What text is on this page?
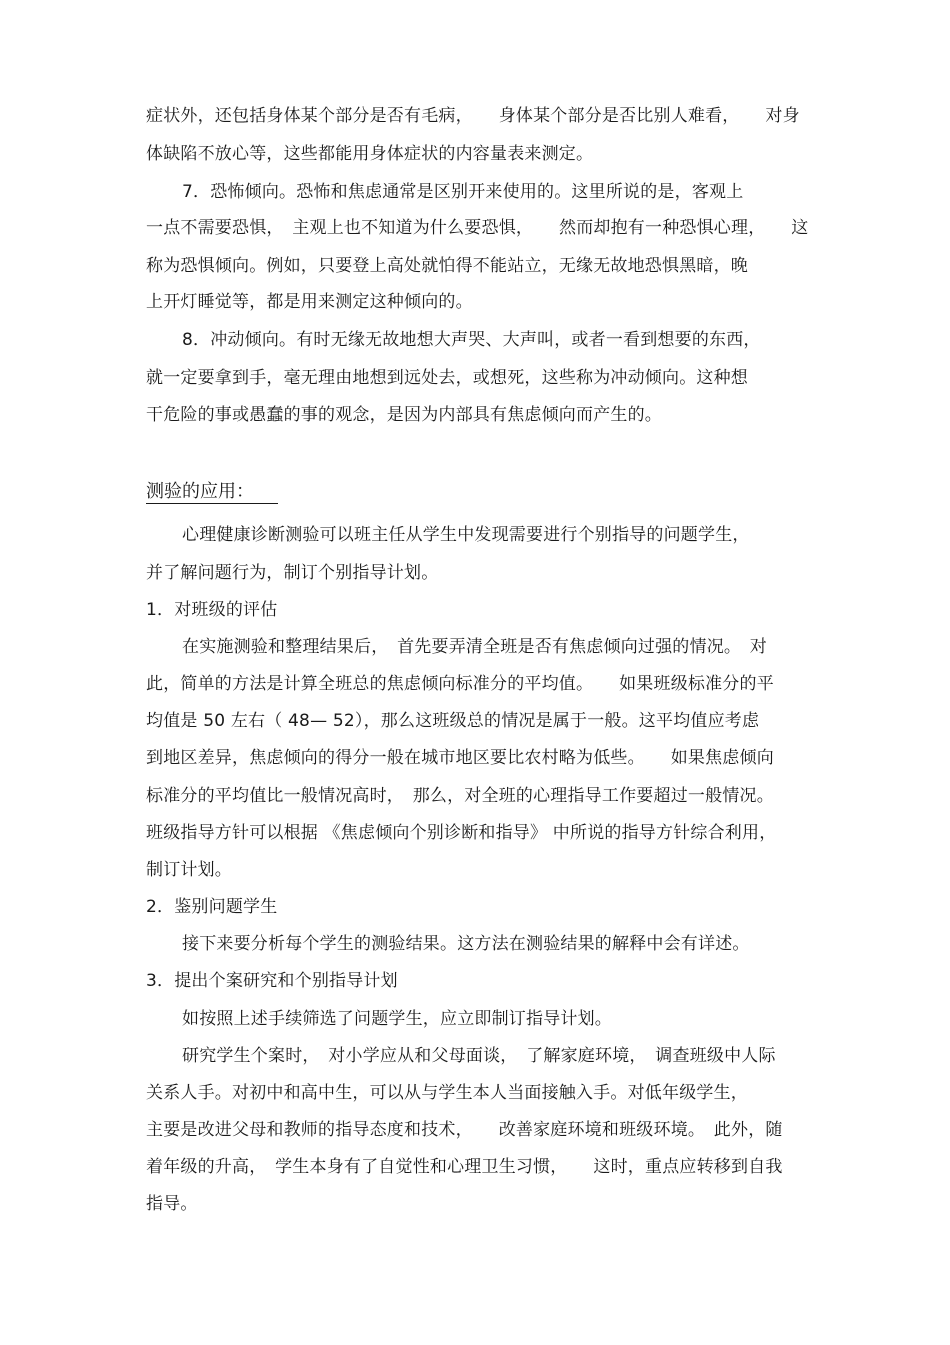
症状外，还包括身体某个部分是否有毛病，　　身体某个部分是否比别人难看，　　对身
体缺陷不放心等，这些都能用身体症状的内容量表来测定。
7．恐怖倾向。恐怖和焦虑通常是区别开来使用的。这里所说的是，客观上
一点不需要恐惧，　主观上也不知道为什么要恐惧，　　然而却抱有一种恐惧心理，　　这
称为恐惧倾向。例如，只要登上高处就怕得不能站立，无缘无故地恐惧黑暗，晚
上开灯睡觉等，都是用来测定这种倾向的。
8．冲动倾向。有时无缘无故地想大声哭、大声叫，或者一看到想要的东西，
就一定要拿到手，毫无理由地想到远处去，或想死，这些称为冲动倾向。这种想
干危险的事或愚蠢的事的观念，是因为内部具有焦虑倾向而产生的。
测验的应用：
心理健康诊断测验可以班主任从学生中发现需要进行个别指导的问题学生，
并了解问题行为，制订个别指导计划。
1．对班级的评估
在实施测验和整理结果后，　首先要弄清全班是否有焦虑倾向过强的情况。　对
此，简单的方法是计算全班总的焦虑倾向标准分的平均值。　　如果班级标准分的平
均值是 50 左右（ 48— 52），那么这班级总的情况是属于一般。这平均值应考虑
到地区差异，焦虑倾向的得分一般在城市地区要比农村略为低些。　　如果焦虑倾向
标准分的平均值比一般情况高时，　那么，对全班的心理指导工作要超过一般情况。
班级指导方针可以根据 《焦虑倾向个别诊断和指导》 中所说的指导方针综合利用，
制订计划。
2．鉴别问题学生
接下来要分析每个学生的测验结果。这方法在测验结果的解释中会有详述。
3．提出个案研究和个别指导计划
如按照上述手续筛选了问题学生，应立即制订指导计划。
研究学生个案时，　对小学应从和父母面谈，　了解家庭环境，　调查班级中人际
关系人手。对初中和高中生，可以从与学生本人当面接触入手。对低年级学生，
主要是改进父母和教师的指导态度和技术，　　改善家庭环境和班级环境。　此外，随
着年级的升高，　学生本身有了自觉性和心理卫生习惯，　　这时，重点应转移到自我
指导。
